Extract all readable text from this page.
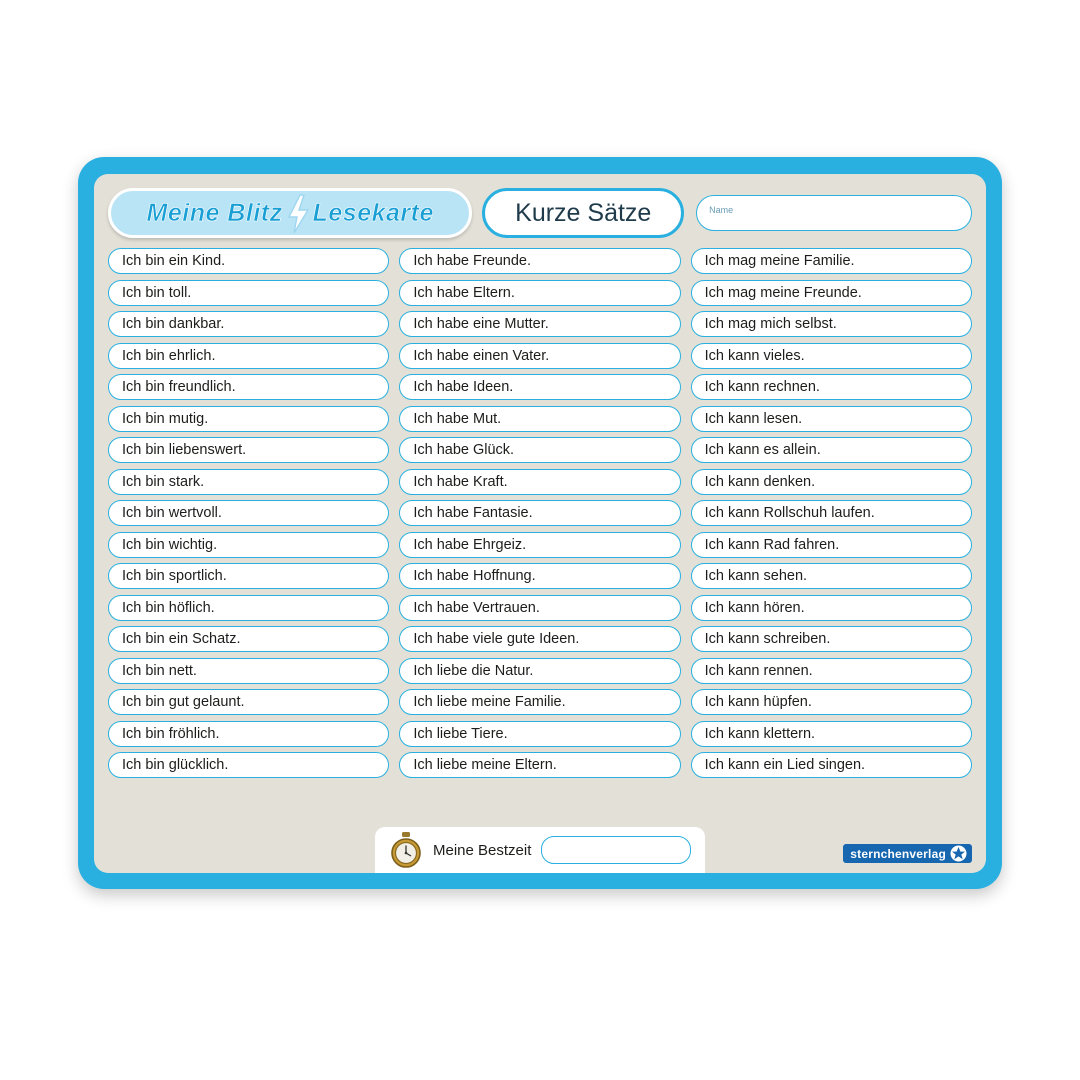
Meine Blitz Lesekarte	Kurze Sätze	Name
Ich bin ein Kind.
Ich bin toll.
Ich bin dankbar.
Ich bin ehrlich.
Ich bin freundlich.
Ich bin mutig.
Ich bin liebenswert.
Ich bin stark.
Ich bin wertvoll.
Ich bin wichtig.
Ich bin sportlich.
Ich bin höflich.
Ich bin ein Schatz.
Ich bin nett.
Ich bin gut gelaunt.
Ich bin fröhlich.
Ich bin glücklich.
Ich habe Freunde.
Ich habe Eltern.
Ich habe eine Mutter.
Ich habe einen Vater.
Ich habe Ideen.
Ich habe Mut.
Ich habe Glück.
Ich habe Kraft.
Ich habe Fantasie.
Ich habe Ehrgeiz.
Ich habe Hoffnung.
Ich habe Vertrauen.
Ich habe viele gute Ideen.
Ich liebe die Natur.
Ich liebe meine Familie.
Ich liebe Tiere.
Ich liebe meine Eltern.
Ich mag meine Familie.
Ich mag meine Freunde.
Ich mag mich selbst.
Ich kann vieles.
Ich kann rechnen.
Ich kann lesen.
Ich kann es allein.
Ich kann denken.
Ich kann Rollschuh laufen.
Ich kann Rad fahren.
Ich kann sehen.
Ich kann hören.
Ich kann schreiben.
Ich kann rennen.
Ich kann hüpfen.
Ich kann klettern.
Ich kann ein Lied singen.
Meine Bestzeit	sternchenverlag
